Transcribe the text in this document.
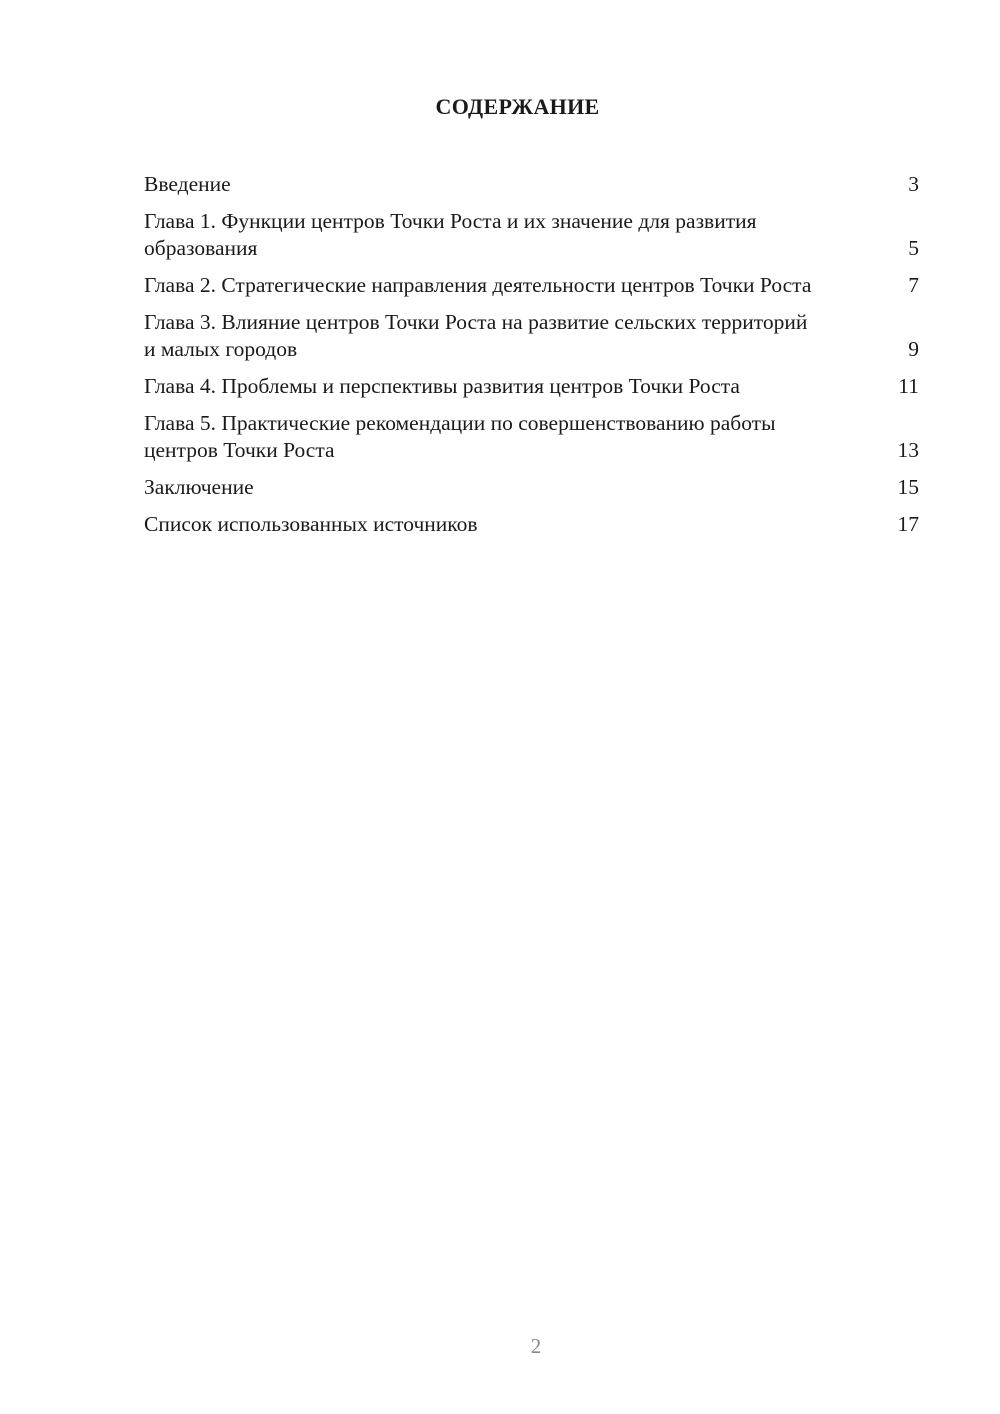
СОДЕРЖАНИЕ
Введение	3
Глава 1. Функции центров Точки Роста и их значение для развития образования	5
Глава 2. Стратегические направления деятельности центров Точки Роста	7
Глава 3. Влияние центров Точки Роста на развитие сельских территорий и малых городов	9
Глава 4. Проблемы и перспективы развития центров Точки Роста	11
Глава 5. Практические рекомендации по совершенствованию работы центров Точки Роста	13
Заключение	15
Список использованных источников	17
2
